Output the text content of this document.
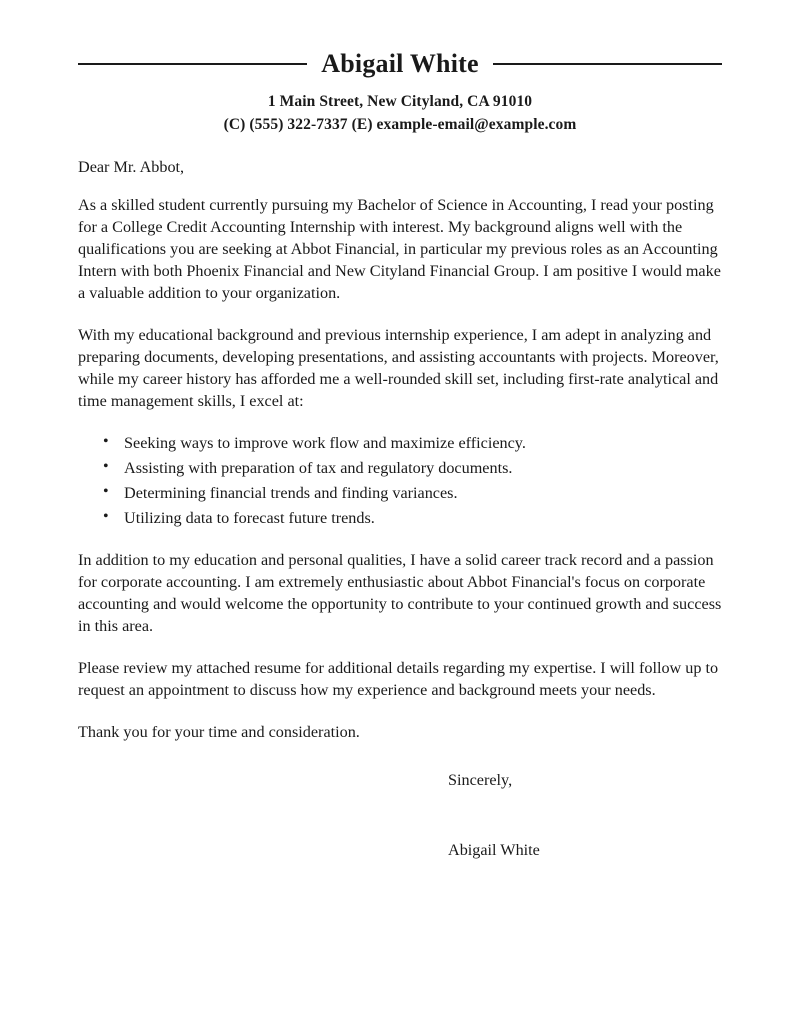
Abigail White
1 Main Street, New Cityland, CA 91010
(C) (555) 322-7337 (E) example-email@example.com
Dear Mr. Abbot,

As a skilled student currently pursuing my Bachelor of Science in Accounting, I read your posting for a College Credit Accounting Internship with interest. My background aligns well with the qualifications you are seeking at Abbot Financial, in particular my previous roles as an Accounting Intern with both Phoenix Financial and New Cityland Financial Group. I am positive I would make a valuable addition to your organization.

With my educational background and previous internship experience, I am adept in analyzing and preparing documents, developing presentations, and assisting accountants with projects. Moreover, while my career history has afforded me a well-rounded skill set, including first-rate analytical and time management skills, I excel at:

• Seeking ways to improve work flow and maximize efficiency.
• Assisting with preparation of tax and regulatory documents.
• Determining financial trends and finding variances.
• Utilizing data to forecast future trends.

In addition to my education and personal qualities, I have a solid career track record and a passion for corporate accounting. I am extremely enthusiastic about Abbot Financial's focus on corporate accounting and would welcome the opportunity to contribute to your continued growth and success in this area.

Please review my attached resume for additional details regarding my expertise. I will follow up to request an appointment to discuss how my experience and background meets your needs.

Thank you for your time and consideration.

Sincerely,
Abigail White
